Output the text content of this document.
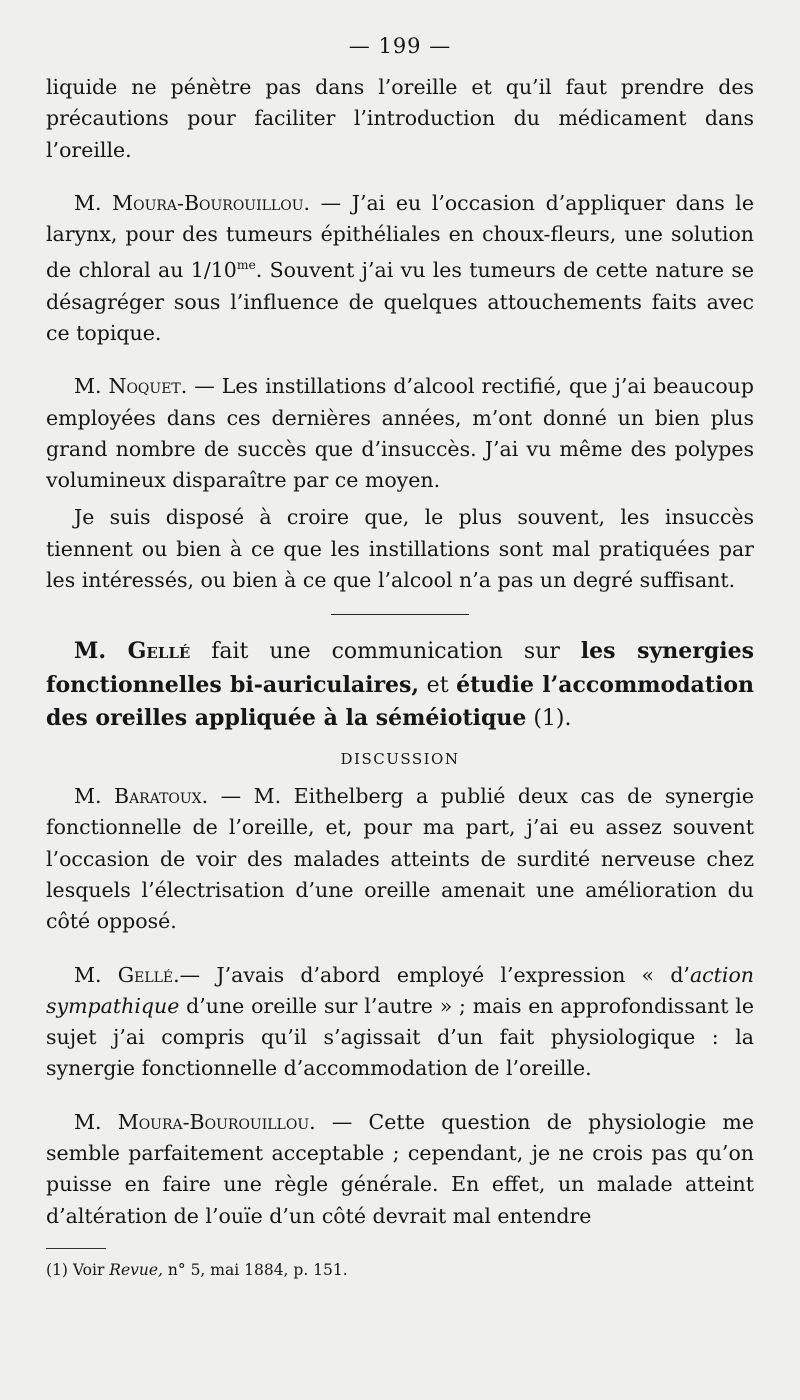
— 199 —

liquide ne pénètre pas dans l’oreille et qu’il faut prendre des précautions pour faciliter l’introduction du médicament dans l’oreille.

M. Moura-Bourouillou. — J’ai eu l’occasion d’appliquer dans le larynx, pour des tumeurs épithéliales en choux-fleurs, une solution de chloral au $1/10^{me}$. Souvent j’ai vu les tumeurs de cette nature se désagréger sous l’influence de quelques attouchements faits avec ce topique.

M. Noquet. — Les instillations d’alcool rectifié, que j’ai beaucoup employées dans ces dernières années, m’ont donné un bien plus grand nombre de succès que d’insuccès. J’ai vu même des polypes volumineux disparaître par ce moyen.

Je suis disposé à croire que, le plus souvent, les insuccès tiennent ou bien à ce que les instillations sont mal pratiquées par les intéressés, ou bien à ce que l’alcool n’a pas un degré suffisant.

M. Gellé fait une communication sur les synergies fonctionnelles bi-auriculaires, et étudie l’accommodation des oreilles appliquée à la séméiotique (1).

DISCUSSION

M. Baratoux. — M. Eithelberg a publié deux cas de synergie fonctionnelle de l’oreille, et, pour ma part, j’ai eu assez souvent l’occasion de voir des malades atteints de surdité nerveuse chez lesquels l’électrisation d’une oreille amenait une amélioration du côté opposé.

M. Gellé.— J’avais d’abord employé l’expression « d’action sympathique d’une oreille sur l’autre » ; mais en approfondissant le sujet j’ai compris qu’il s’agissait d’un fait physiologique : la synergie fonctionnelle d’accommodation de l’oreille.

M. Moura-Bourouillou. — Cette question de physiologie me semble parfaitement acceptable ; cependant, je ne crois pas qu’on puisse en faire une règle générale. En effet, un malade atteint d’altération de l’ouïe d’un côté devrait mal entendre

(1) Voir Revue, n° 5, mai 1884, p. 151.
